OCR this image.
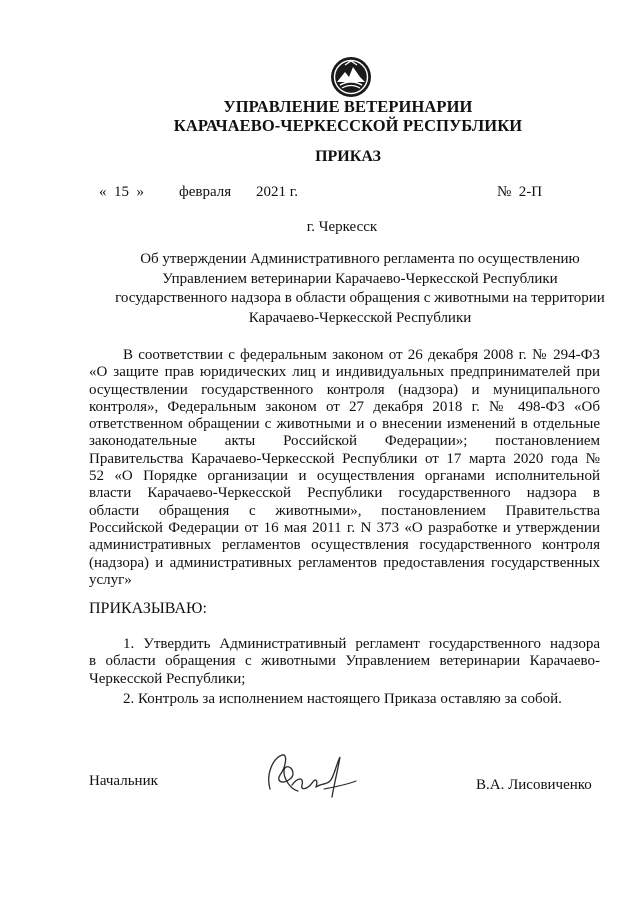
УПРАВЛЕНИЕ ВЕТЕРИНАРИИ
КАРАЧАЕВО-ЧЕРКЕССКОЙ РЕСПУБЛИКИ
ПРИКАЗ
«  15  » февраля 2021 г.	№  2-П
г. Черкесск
Об утверждении Административного регламента по осуществлению
Управлением ветеринарии Карачаево-Черкесской Республики
государственного надзора в области обращения с животными на территории
Карачаево-Черкесской Республики
В соответствии с федеральным законом от 26 декабря 2008 г. № 294-ФЗ
«О защите прав юридических лиц и индивидуальных предпринимателей при
осуществлении государственного контроля (надзора) и муниципального
контроля», Федеральным законом от 27 декабря 2018 г. № 498-ФЗ «Об
ответственном обращении с животными и о внесении изменений в отдельные
законодательные акты Российской Федерации»; постановлением
Правительства Карачаево-Черкесской Республики от 17 марта 2020 года №
52 «О Порядке организации и осуществления органами исполнительной
власти Карачаево-Черкесской Республики государственного надзора в
области обращения с животными», постановлением Правительства
Российской Федерации от 16 мая 2011 г. N 373 «О разработке и утверждении
административных регламентов осуществления государственного контроля
(надзора) и административных регламентов предоставления государственных
услуг»
ПРИКАЗЫВАЮ:
1. Утвердить Административный регламент государственного надзора
в области обращения с животными Управлением ветеринарии Карачаево-
Черкесской Республики;
2. Контроль за исполнением настоящего Приказа оставляю за собой.
Начальник	В.А. Лисовиченко
